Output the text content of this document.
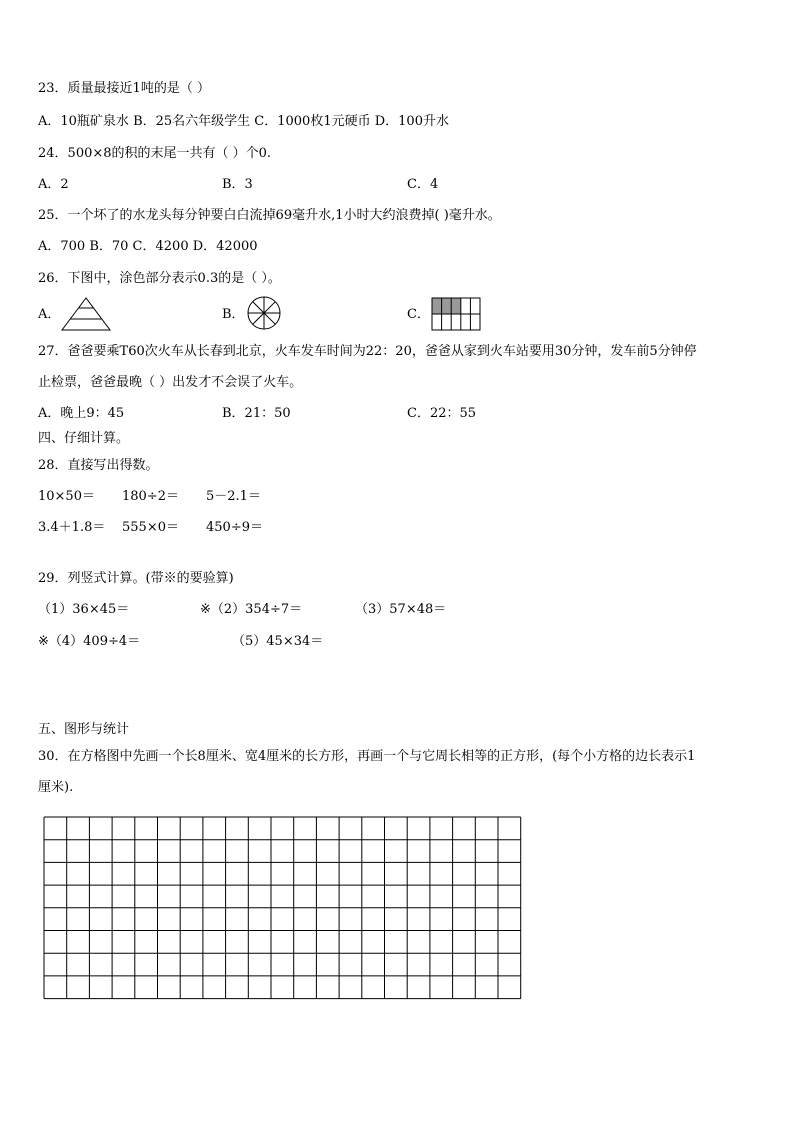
23．质量最接近1吨的是（ ）
A．10瓶矿泉水 B．25名六年级学生 C．1000枚1元硬币 D．100升水
24．500×8的积的末尾一共有（ ）个0.
A．2	B．3	C．4
25．一个坏了的水龙头每分钟要白白流掉69毫升水,1小时大约浪费掉( )毫升水。
A．700 B．70 C．4200 D．42000
26．下图中，涂色部分表示0.3的是（ ）。
A．	B．	C．
27．爸爸要乘T60次火车从长春到北京，火车发车时间为22：20，爸爸从家到火车站要用30分钟，发车前5分钟停
止检票，爸爸最晚（ ）出发才不会误了火车。
A．晚上9：45	B．21：50	C．22：55
四、仔细计算。
28．直接写出得数。
10×50＝ 180÷2＝ 5－2.1＝
3.4＋1.8＝ 555×0＝ 450÷9＝
29．列竖式计算。(带※的要验算)
（1）36×45＝	※（2）354÷7＝	（3）57×48＝
※（4）409÷4＝	（5）45×34＝
五、图形与统计
30．在方格图中先画一个长8厘米、宽4厘米的长方形，再画一个与它周长相等的正方形，(每个小方格的边长表示1
厘米).
